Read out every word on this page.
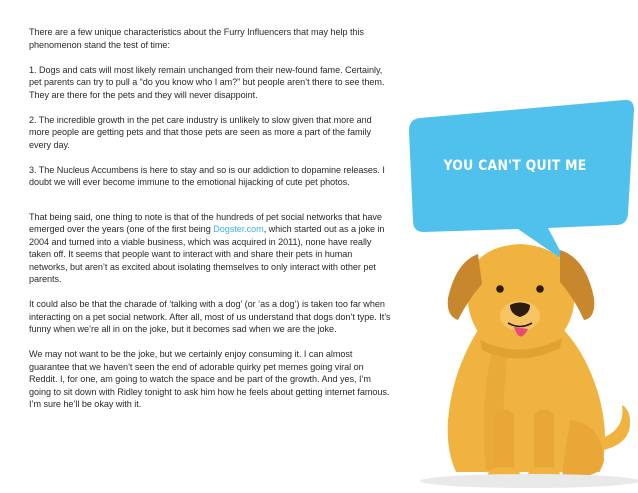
There are a few unique characteristics about the Furry Influencers that may help this phenomenon stand the test of time:

1. Dogs and cats will most likely remain unchanged from their new-found fame. Certainly, pet parents can try to pull a “do you know who I am?” but people aren’t there to see them. They are there for the pets and they will never disappoint.

2. The incredible growth in the pet care industry is unlikely to slow given that more and more people are getting pets and that those pets are seen as more a part of the family every day.

3. The Nucleus Accumbens is here to stay and so is our addiction to dopamine releases. I doubt we will ever become immune to the emotional hijacking of cute pet photos.

That being said, one thing to note is that of the hundreds of pet social networks that have emerged over the years (one of the first being Dogster.com, which started out as a joke in 2004 and turned into a viable business, which was acquired in 2011), none have really taken off. It seems that people want to interact with and share their pets in human networks, but aren’t as excited about isolating themselves to only interact with other pet parents.

It could also be that the charade of ‘talking with a dog’ (or ‘as a dog’) is taken too far when interacting on a pet social network. After all, most of us understand that dogs don’t type. It’s funny when we’re all in on the joke, but it becomes sad when we are the joke.

We may not want to be the joke, but we certainly enjoy consuming it. I can almost guarantee that we haven’t seen the end of adorable quirky pet memes going viral on Reddit. I, for one, am going to watch the space and be part of the growth. And yes, I’m going to sit down with Ridley tonight to ask him how he feels about getting internet famous. I’m sure he’ll be okay with it.

YOU CAN'T QUIT ME
